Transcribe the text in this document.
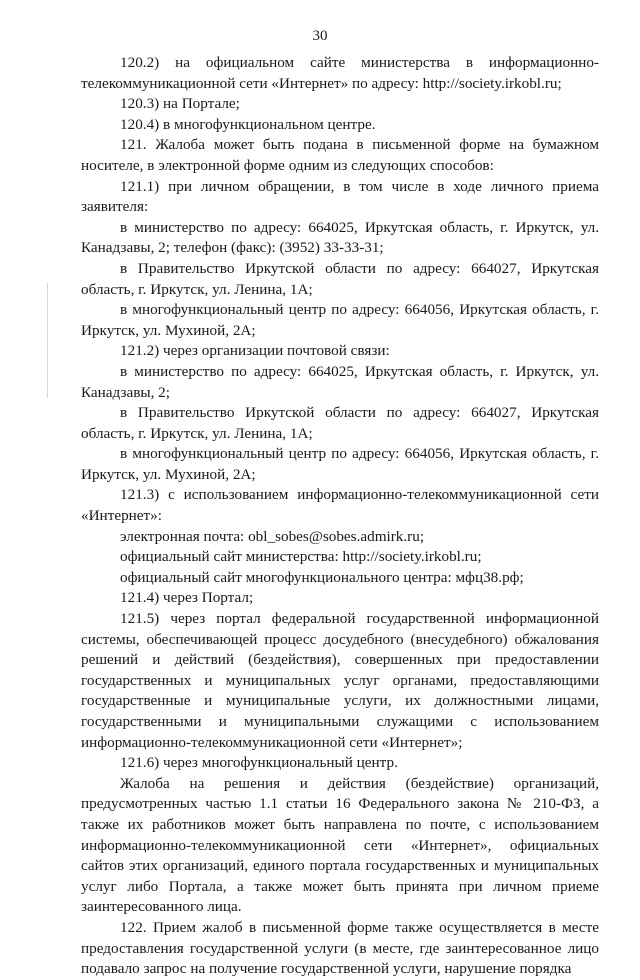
30

120.2) на официальном сайте министерства в информационно-телекоммуникационной сети «Интернет» по адресу: http://society.irkobl.ru;

120.3) на Портале;

120.4) в многофункциональном центре.

121. Жалоба может быть подана в письменной форме на бумажном носителе, в электронной форме одним из следующих способов:

121.1) при личном обращении, в том числе в ходе личного приема заявителя:

в министерство по адресу: 664025, Иркутская область, г. Иркутск, ул. Канадзавы, 2; телефон (факс): (3952) 33-33-31;

в Правительство Иркутской области по адресу: 664027, Иркутская область, г. Иркутск, ул. Ленина, 1А;

в многофункциональный центр по адресу: 664056, Иркутская область, г. Иркутск, ул. Мухиной, 2А;

121.2) через организации почтовой связи:

в министерство по адресу: 664025, Иркутская область, г. Иркутск, ул. Канадзавы, 2;

в Правительство Иркутской области по адресу: 664027, Иркутская область, г. Иркутск, ул. Ленина, 1А;

в многофункциональный центр по адресу: 664056, Иркутская область, г. Иркутск, ул. Мухиной, 2А;

121.3) с использованием информационно-телекоммуникационной сети «Интернет»:

электронная почта: obl_sobes@sobes.admirk.ru;

официальный сайт министерства: http://society.irkobl.ru;

официальный сайт многофункционального центра: мфц38.рф;

121.4) через Портал;

121.5) через портал федеральной государственной информационной системы, обеспечивающей процесс досудебного (внесудебного) обжалования решений и действий (бездействия), совершенных при предоставлении государственных и муниципальных услуг органами, предоставляющими государственные и муниципальные услуги, их должностными лицами, государственными и муниципальными служащими с использованием информационно-телекоммуникационной сети «Интернет»;

121.6) через многофункциональный центр.

Жалоба на решения и действия (бездействие) организаций, предусмотренных частью 1.1 статьи 16 Федерального закона № 210-ФЗ, а также их работников может быть направлена по почте, с использованием информационно-телекоммуникационной сети «Интернет», официальных сайтов этих организаций, единого портала государственных и муниципальных услуг либо Портала, а также может быть принята при личном приеме заинтересованного лица.

122. Прием жалоб в письменной форме также осуществляется в месте предоставления государственной услуги (в месте, где заинтересованное лицо подавало запрос на получение государственной услуги, нарушение порядка
